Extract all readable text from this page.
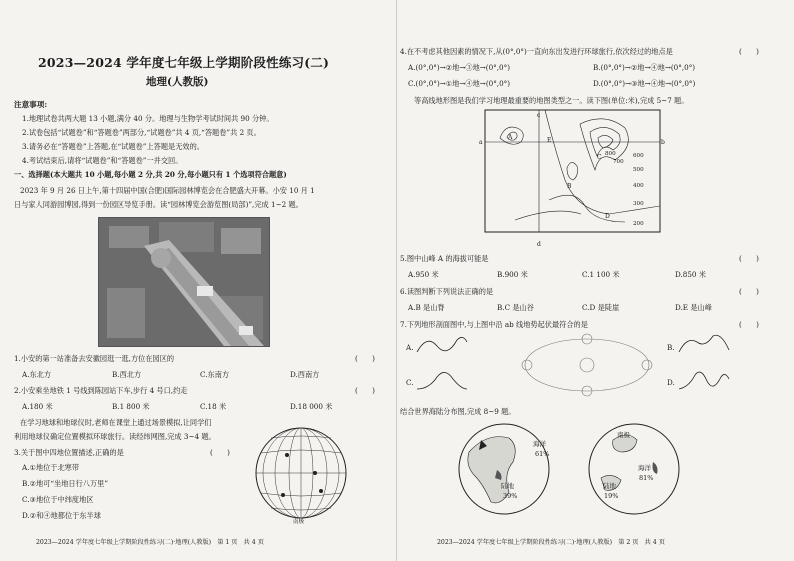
2023—2024 学年度七年级上学期阶段性练习(二)
地理(人教版)
注意事项:
1.地理试卷共两大题 13 小题,满分 40 分。地理与生物学考试时间共 90 分钟。
2.试卷包括“试题卷”和“答题卷”两部分,“试题卷”共 4 页,“答题卷”共 2 页。
3.请务必在“答题卷”上答题,在“试题卷”上答题是无效的。
4.考试结束后,请将“试题卷”和“答题卷”一并交回。
一、选择题(本大题共 10 小题,每小题 2 分,共 20 分,每小题只有 1 个选项符合题意)
2023 年 9 月 26 日上午,第十四届中国(合肥)国际园林博览会在合肥盛大开幕。小安 10 月 1
日与家人同游园博园,得到一份园区导览手册。读“园林博览会游览图(局部)”,完成 1~2 题。
1.小安的第一站准备去安徽园逛一逛,方位在园区的	(　　)
A.东北方	B.西北方	C.东南方	D.西南方
2.小安乘坐地铁 1 号线到陈园站下车,步行 4 号口,约走	(　　)
A.180 米	B.1 800 米	C.18 米	D.18 000 米
在学习地球和地球仪时,老师在课堂上通过场景模拟,让同学们
利用地球仪确定位置模拟环球旅行。读经纬网图,完成 3~4 题。
3.关于图中四地位置描述,正确的是	(　　)
A.①地位于北寒带
B.②地可“坐地日行八万里”
C.③地位于中纬度地区
D.②和④地都位于东半球
南极
2023—2024 学年度七年级上学期阶段性练习(二)·地理(人教版)　第 1 页　共 4 页
4.在不考虑其他因素的情况下,从(0°,0°)一直向东出发进行环球旅行,依次经过的地点是	(　　)
A.(0°,0°)→②地→③地→(0°,0°)	B.(0°,0°)→②地→④地→(0°,0°)
C.(0°,0°)→①地→④地→(0°,0°)	D.(0°,0°)→③地→④地→(0°,0°)
等高线地形图是我们学习地理最重要的地图类型之一。读下图(单位:米),完成 5~7 题。
a	b
c
d
A
B
C
D
E
800
700
600
500
400
300
200
5.图中山峰 A 的海拔可能是	(　　)
A.950 米	B.900 米	C.1 100 米	D.850 米
6.读图判断下列说法正确的是	(　　)
A.B 是山脊	B.C 是山谷	C.D 是陡崖	D.E 是山峰
7.下列地形剖面图中,与上图中沿 ab 线地势起伏最符合的是	(　　)
A.
C.
B.
D.
结合世界海陆分布图,完成 8~9 题。
海洋
61%
陆地
39%
南极
海洋
81%
陆地
19%
2023—2024 学年度七年级上学期阶段性练习(二)·地理(人教版)　第 2 页　共 4 页
